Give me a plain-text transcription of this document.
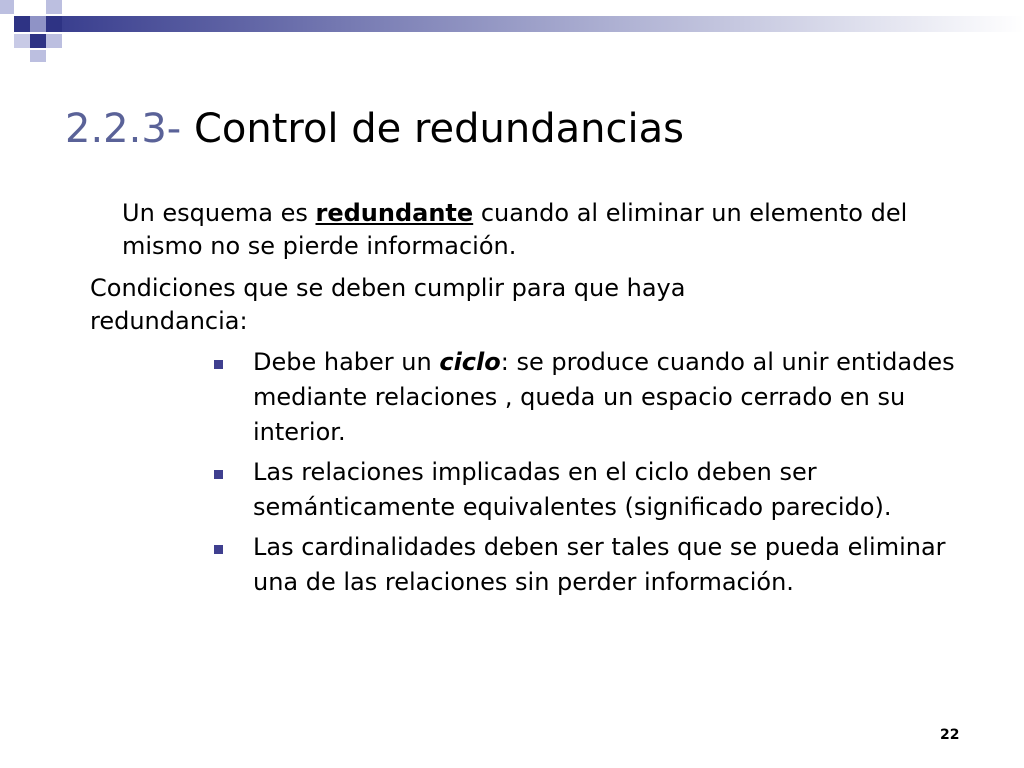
2.2.3- Control de redundancias
Un esquema es redundante cuando al eliminar un elemento del mismo no se pierde información.
Condiciones que se deben cumplir para que haya redundancia:
Debe haber un ciclo: se produce cuando al unir entidades mediante relaciones , queda un espacio cerrado en su interior.
Las relaciones implicadas en el ciclo deben ser semánticamente equivalentes (significado parecido).
Las cardinalidades deben ser tales que se pueda eliminar una de las relaciones sin perder información.
22
